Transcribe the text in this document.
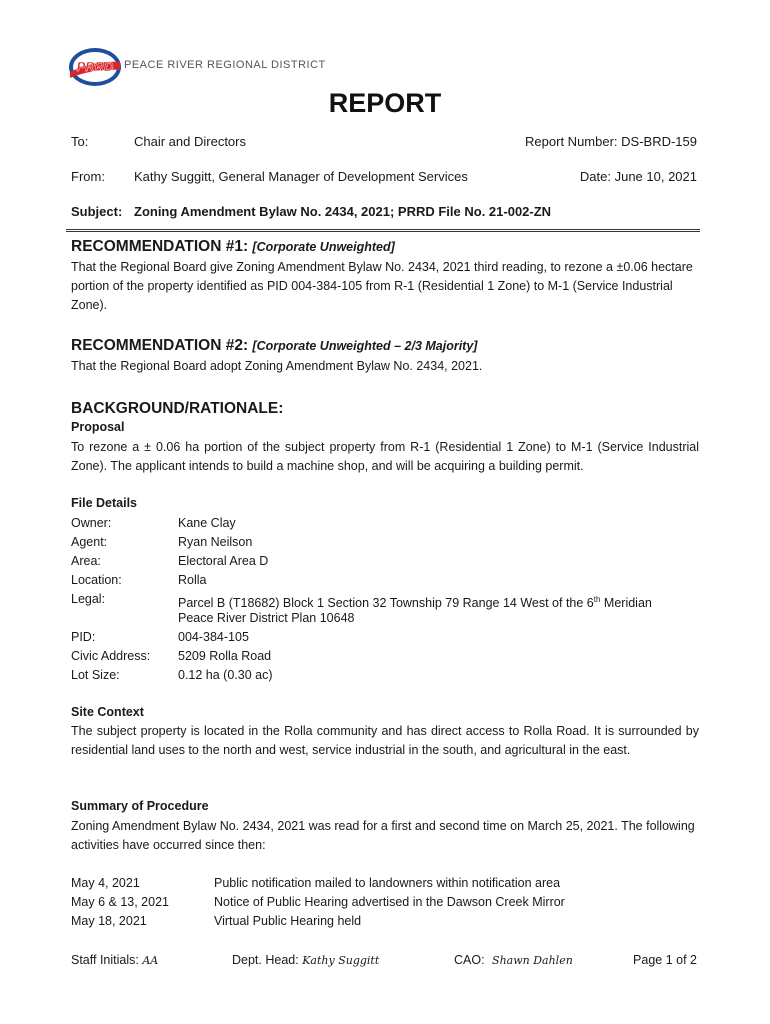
PRRD PEACE RIVER REGIONAL DISTRICT
REPORT
To:	Chair and Directors	Report Number: DS-BRD-159
From: Kathy Suggitt, General Manager of Development Services	Date: June 10, 2021
Subject: Zoning Amendment Bylaw No. 2434, 2021; PRRD File No. 21-002-ZN
RECOMMENDATION #1: [Corporate Unweighted]
That the Regional Board give Zoning Amendment Bylaw No. 2434, 2021 third reading, to rezone a ±0.06 hectare portion of the property identified as PID 004-384-105 from R-1 (Residential 1 Zone) to M-1 (Service Industrial Zone).
RECOMMENDATION #2: [Corporate Unweighted – 2/3 Majority]
That the Regional Board adopt Zoning Amendment Bylaw No. 2434, 2021.
BACKGROUND/RATIONALE:
Proposal
To rezone a ± 0.06 ha portion of the subject property from R-1 (Residential 1 Zone) to M-1 (Service Industrial Zone). The applicant intends to build a machine shop, and will be acquiring a building permit.
File Details
Owner:	Kane Clay
Agent:	Ryan Neilson
Area:	Electoral Area D
Location:	Rolla
Legal:	Parcel B (T18682) Block 1 Section 32 Township 79 Range 14 West of the 6th Meridian
Peace River District Plan 10648
PID:	004-384-105
Civic Address: 5209 Rolla Road
Lot Size:	0.12 ha (0.30 ac)
Site Context
The subject property is located in the Rolla community and has direct access to Rolla Road. It is surrounded by residential land uses to the north and west, service industrial in the south, and agricultural in the east.
Summary of Procedure
Zoning Amendment Bylaw No. 2434, 2021 was read for a first and second time on March 25, 2021. The following activities have occurred since then:
May 4, 2021	Public notification mailed to landowners within notification area
May 6 & 13, 2021	Notice of Public Hearing advertised in the Dawson Creek Mirror
May 18, 2021	Virtual Public Hearing held
Staff Initials: AA	Dept. Head: Kathy Suggitt	CAO: Shawn Dahlen	Page 1 of 2
